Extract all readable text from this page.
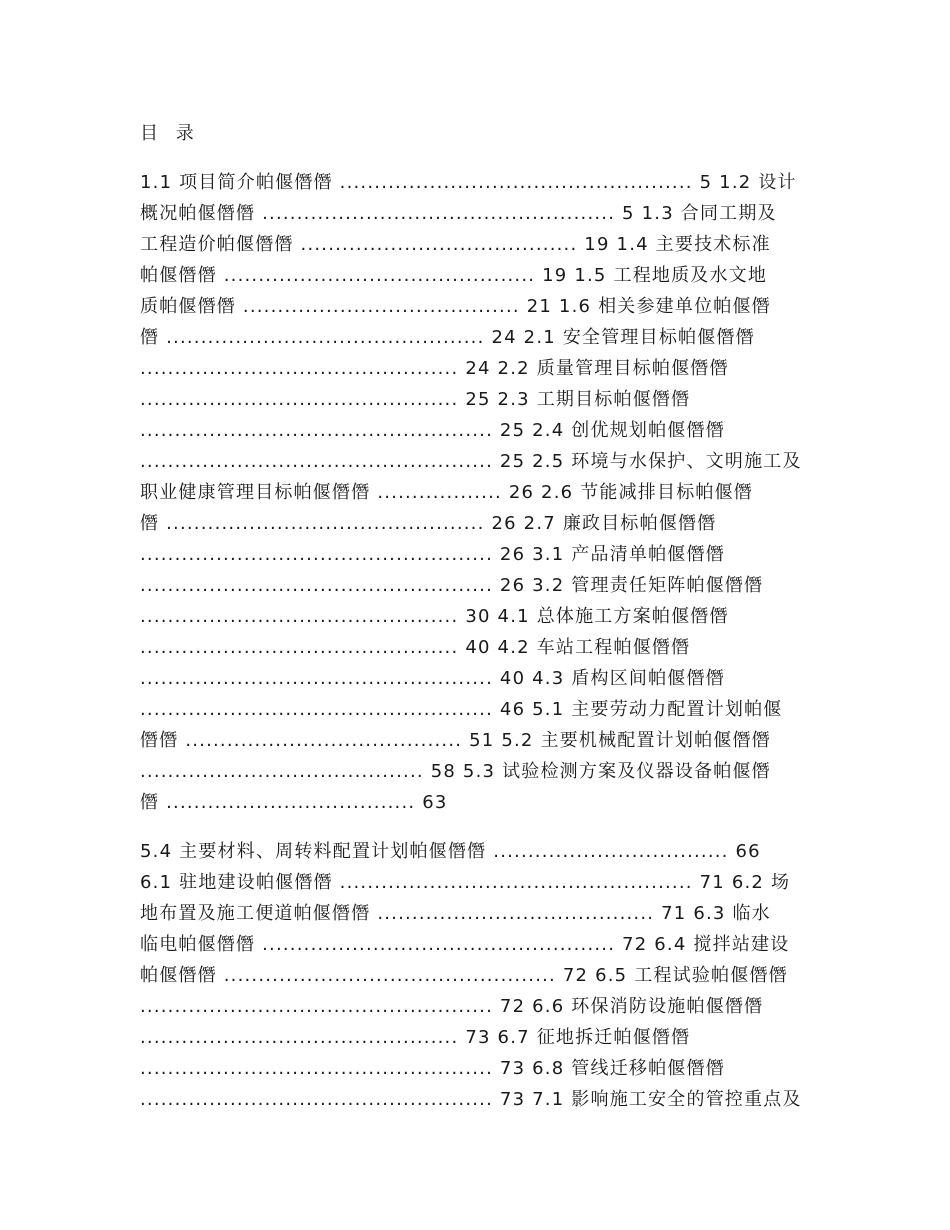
目 录
1.1 项目简介帕偃僭僭 ................................................... 5 1.2 设计
概况帕偃僭僭 ................................................... 5 1.3 合同工期及
工程造价帕偃僭僭 ........................................ 19 1.4 主要技术标准
帕偃僭僭 ............................................. 19 1.5 工程地质及水文地
质帕偃僭僭 ........................................ 21 1.6 相关参建单位帕偃僭
僭 .............................................. 24 2.1 安全管理目标帕偃僭僭
.............................................. 24 2.2 质量管理目标帕偃僭僭
.............................................. 25 2.3 工期目标帕偃僭僭
................................................... 25 2.4 创优规划帕偃僭僭
................................................... 25 2.5 环境与水保护、文明施工及
职业健康管理目标帕偃僭僭 .................. 26 2.6 节能减排目标帕偃僭
僭 .............................................. 26 2.7 廉政目标帕偃僭僭
................................................... 26 3.1 产品清单帕偃僭僭
................................................... 26 3.2 管理责任矩阵帕偃僭僭
.............................................. 30 4.1 总体施工方案帕偃僭僭
.............................................. 40 4.2 车站工程帕偃僭僭
................................................... 40 4.3 盾构区间帕偃僭僭
................................................... 46 5.1 主要劳动力配置计划帕偃
僭僭 ........................................ 51 5.2 主要机械配置计划帕偃僭僭
......................................... 58 5.3 试验检测方案及仪器设备帕偃僭
僭 .................................... 63
5.4 主要材料、周转料配置计划帕偃僭僭 .................................. 66
6.1 驻地建设帕偃僭僭 ................................................... 71 6.2 场
地布置及施工便道帕偃僭僭 ........................................ 71 6.3 临水
临电帕偃僭僭 ................................................... 72 6.4 搅拌站建设
帕偃僭僭 ................................................ 72 6.5 工程试验帕偃僭僭
................................................... 72 6.6 环保消防设施帕偃僭僭
.............................................. 73 6.7 征地拆迁帕偃僭僭
................................................... 73 6.8 管线迁移帕偃僭僭
................................................... 73 7.1 影响施工安全的管控重点及
